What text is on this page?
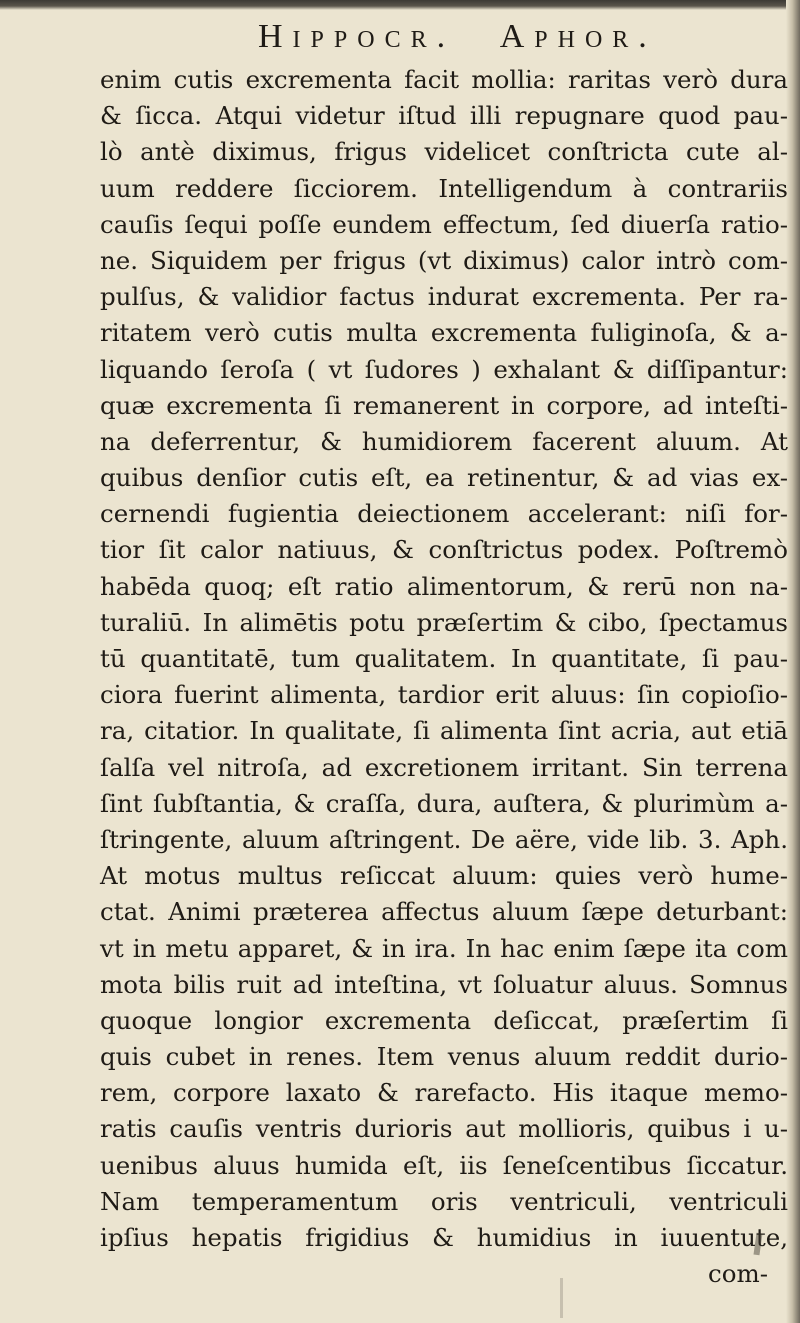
Hippocr. Aphor.
enim cutis excrementa facit mollia: raritas verò dura
& ſicca. Atqui videtur iſtud illi repugnare quod pau-
lò antè diximus, frigus videlicet conſtricta cute al-
uum reddere ſicciorem. Intelligendum à contrariis
cauſis ſequi poſſe eundem effectum, ſed diuerſa ratio-
ne. Siquidem per frigus (vt diximus) calor intrò com-
pulſus, & validior factus indurat excrementa. Per ra-
ritatem verò cutis multa excrementa fuliginoſa, & a-
liquando ſeroſa ( vt ſudores ) exhalant & diſſipantur:
quæ excrementa ſi remanerent in corpore, ad inteſti-
na deferrentur, & humidiorem facerent aluum. At
quibus denſior cutis eſt, ea retinentur, & ad vias ex-
cernendi fugientia deiectionem accelerant: niſi for-
tior ſit calor natiuus, & conſtrictus podex. Poſtremò
habēda quoq; eſt ratio alimentorum, & rerū non na-
turaliū. In alimētis potu præſertim & cibo, ſpectamus
tū quantitatē, tum qualitatem. In quantitate, ſi pau-
ciora fuerint alimenta, tardior erit aluus: ſin copioſio-
ra, citatior. In qualitate, ſi alimenta ſint acria, aut etiā
ſalſa vel nitroſa, ad excretionem irritant. Sin terrena
ſint ſubſtantia, & craſſa, dura, auſtera, & plurimùm a-
ſtringente, aluum aſtringent. De aëre, vide lib. 3. Aph.
At motus multus reſiccat aluum: quies verò hume-
ctat. Animi præterea affectus aluum ſæpe deturbant:
vt in metu apparet, & in ira. In hac enim ſæpe ita com
mota bilis ruit ad inteſtina, vt ſoluatur aluus. Somnus
quoque longior excrementa deſiccat, præſertim ſi
quis cubet in renes. Item venus aluum reddit durio-
rem, corpore laxato & rarefacto. His itaque memo-
ratis cauſis ventris durioris aut mollioris, quibus i u-
uenibus aluus humida eſt, iis ſeneſcentibus ſiccatur.
Nam temperamentum oris ventriculi, ventriculi
ipſius hepatis frigidius & humidius in iuuentute,
com-
